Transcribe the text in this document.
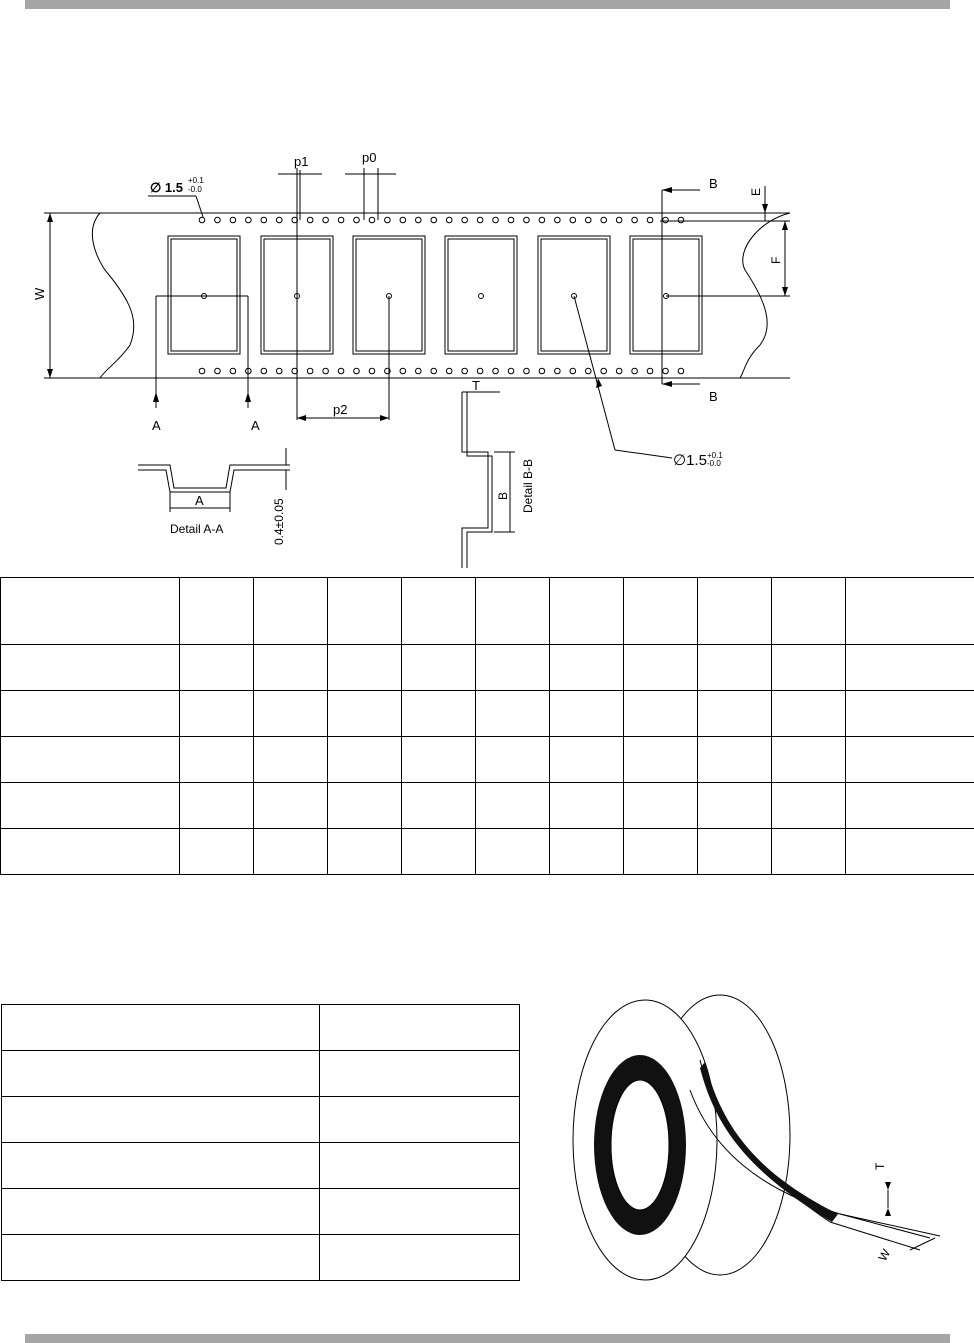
∅ 1.5 +0.1
-0.0
p1	p0
p2
W
A	A
B
B
E
F
∅1.5 +0.1
-0.0
T
Detail A-A
A	0.4±0.05
Detail B-B
B

T
W
